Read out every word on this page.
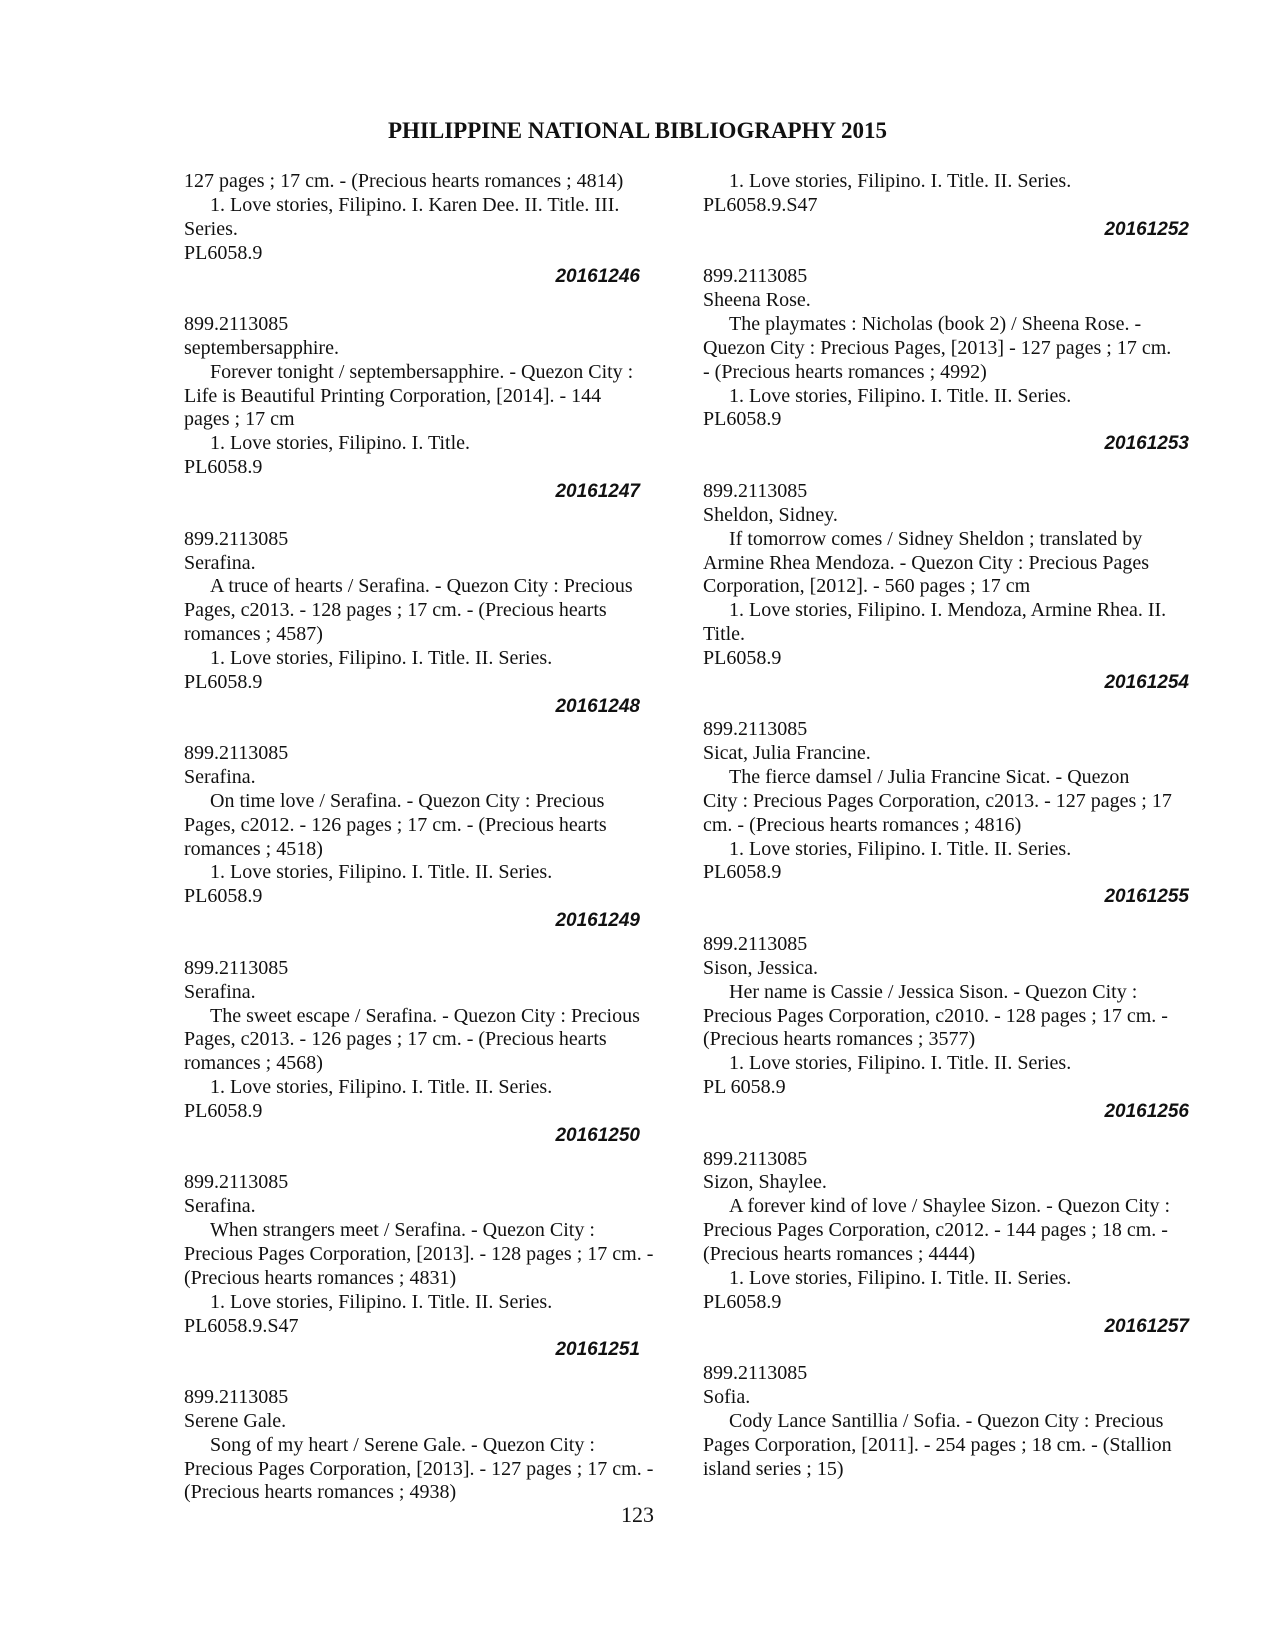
PHILIPPINE NATIONAL BIBLIOGRAPHY 2015
127 pages ; 17 cm. - (Precious hearts romances ; 4814)
1. Love stories, Filipino. I. Karen Dee. II. Title. III.
Series.
PL6058.9
20161246
899.2113085
septembersapphire.
Forever tonight / septembersapphire. - Quezon City :
Life is Beautiful Printing Corporation, [2014]. - 144
pages ; 17 cm
1. Love stories, Filipino. I. Title.
PL6058.9
20161247
899.2113085
Serafina.
A truce of hearts / Serafina. - Quezon City : Precious
Pages, c2013. - 128 pages ; 17 cm. - (Precious hearts
romances ; 4587)
1. Love stories, Filipino. I. Title. II. Series.
PL6058.9
20161248
899.2113085
Serafina.
On time love / Serafina. - Quezon City : Precious
Pages, c2012. - 126 pages ; 17 cm. - (Precious hearts
romances ; 4518)
1. Love stories, Filipino. I. Title. II. Series.
PL6058.9
20161249
899.2113085
Serafina.
The sweet escape / Serafina. - Quezon City : Precious
Pages, c2013. - 126 pages ; 17 cm. - (Precious hearts
romances ; 4568)
1. Love stories, Filipino. I. Title. II. Series.
PL6058.9
20161250
899.2113085
Serafina.
When strangers meet / Serafina. - Quezon City :
Precious Pages Corporation, [2013]. - 128 pages ; 17 cm. -
(Precious hearts romances ; 4831)
1. Love stories, Filipino. I. Title. II. Series.
PL6058.9.S47
20161251
899.2113085
Serene Gale.
Song of my heart / Serene Gale. - Quezon City :
Precious Pages Corporation, [2013]. - 127 pages ; 17 cm. -
(Precious hearts romances ; 4938)
1. Love stories, Filipino. I. Title. II. Series.
PL6058.9.S47
20161252
899.2113085
Sheena Rose.
The playmates : Nicholas (book 2) / Sheena Rose. -
Quezon City : Precious Pages, [2013] - 127 pages ; 17 cm.
- (Precious hearts romances ; 4992)
1. Love stories, Filipino. I. Title. II. Series.
PL6058.9
20161253
899.2113085
Sheldon, Sidney.
If tomorrow comes / Sidney Sheldon ; translated by
Armine Rhea Mendoza. - Quezon City : Precious Pages
Corporation, [2012]. - 560 pages ; 17 cm
1. Love stories, Filipino. I. Mendoza, Armine Rhea. II.
Title.
PL6058.9
20161254
899.2113085
Sicat, Julia Francine.
The fierce damsel / Julia Francine Sicat. - Quezon
City : Precious Pages Corporation, c2013. - 127 pages ; 17
cm. - (Precious hearts romances ; 4816)
1. Love stories, Filipino. I. Title. II. Series.
PL6058.9
20161255
899.2113085
Sison, Jessica.
Her name is Cassie / Jessica Sison. - Quezon City :
Precious Pages Corporation, c2010. - 128 pages ; 17 cm. -
(Precious hearts romances ; 3577)
1. Love stories, Filipino. I. Title. II. Series.
PL 6058.9
20161256
899.2113085
Sizon, Shaylee.
A forever kind of love / Shaylee Sizon. - Quezon City :
Precious Pages Corporation, c2012. - 144 pages ; 18 cm. -
(Precious hearts romances ; 4444)
1. Love stories, Filipino. I. Title. II. Series.
PL6058.9
20161257
899.2113085
Sofia.
Cody Lance Santillia / Sofia. - Quezon City : Precious
Pages Corporation, [2011]. - 254 pages ; 18 cm. - (Stallion
island series ; 15)
123
